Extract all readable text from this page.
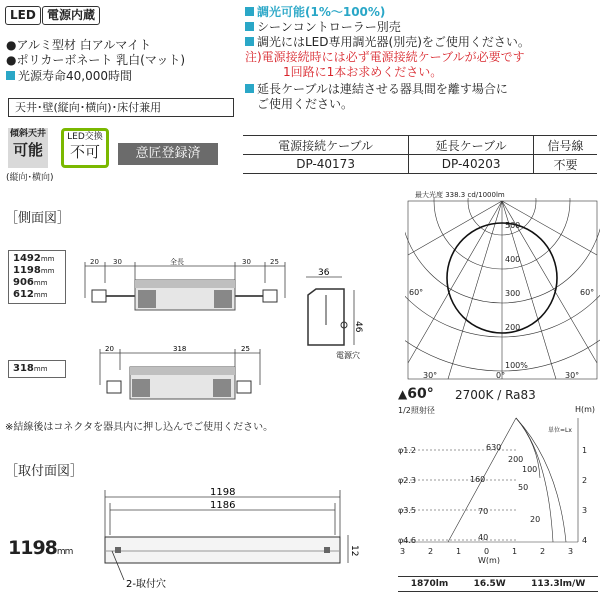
LED 電源内蔵
●アルミ型材 白アルマイト
●ポリカーボネート 乳白(マット)
光源寿命40,000時間
天井･壁(縦向･横向)･床付兼用
傾斜天井
可能
(縦向･横向)
LED交換
不可	意匠登録済
調光可能(1%〜100%)
シーンコントローラー別売
調光にはLED専用調光器(別売)をご使用ください。
注)電源接続時には必ず電源接続ケーブルが必要です
1回路に1本お求めください。
延長ケーブルは連結させる器具間を離す場合に
ご使用ください。
電源接続ケーブル	延長ケーブル	信号線
DP-40173	DP-40203	不要
［側面図］
1492mm
1198mm
906mm
612mm
318mm
全長
20 30	30	25
36
46
電源穴
20	318	25
※結線後はコネクタを器具内に押し込んでご使用ください。
［取付面図］
1198mm
1198
1186
12
2-取付穴
最大光度 338.3 cd/1000lm
60°	60°
30°	0°	30°
500
400
300
200
100%
▲60° 2700K / Ra83
1/2照射径	H(m)
φ1.2
φ2.3
φ3.5
φ4.6
1
2
3
4
単位=Lx
630
200
100
160
50
70
40
20
3	2	1	0	1	2	3
W(m)
1870lm	16.5W	113.3lm/W
